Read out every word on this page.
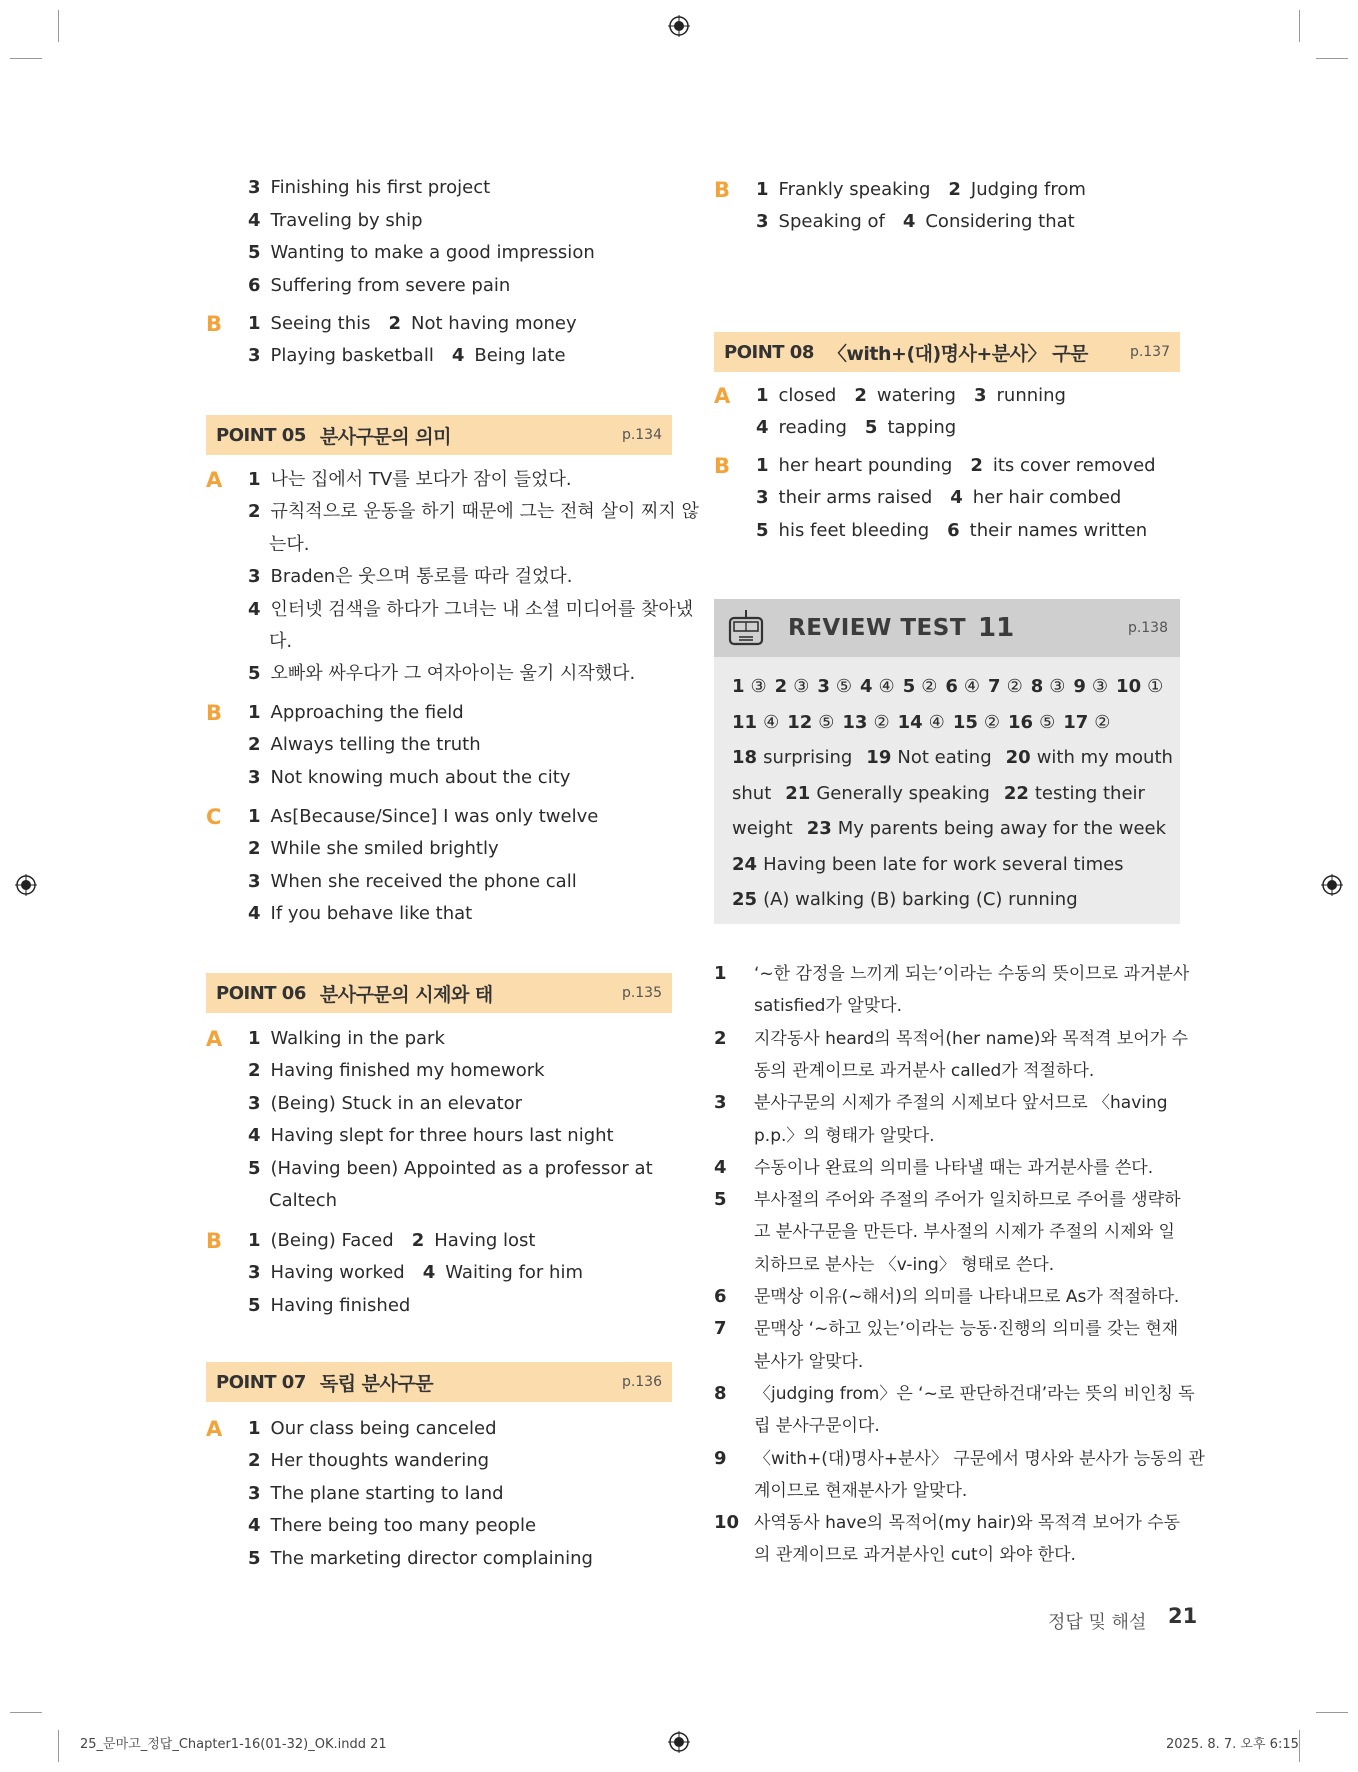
3 Finishing his first project
4 Traveling by ship
5 Wanting to make a good impression
6 Suffering from severe pain
B 1 Seeing this 2 Not having money
3 Playing basketball 4 Being late
POINT 05 분사구문의 의미	p.134
A 1 나는 집에서 TV를 보다가 잠이 들었다.
2 규칙적으로 운동을 하기 때문에 그는 전혀 살이 찌지 않
는다.
3 Braden은 웃으며 통로를 따라 걸었다.
4 인터넷 검색을 하다가 그녀는 내 소셜 미디어를 찾아냈
다.
5 오빠와 싸우다가 그 여자아이는 울기 시작했다.
B 1 Approaching the field
2 Always telling the truth
3 Not knowing much about the city
C 1 As[Because/Since] I was only twelve
2 While she smiled brightly
3 When she received the phone call
4 If you behave like that
POINT 06 분사구문의 시제와 태	p.135
A 1 Walking in the park
2 Having finished my homework
3 (Being) Stuck in an elevator
4 Having slept for three hours last night
5 (Having been) Appointed as a professor at
Caltech
B 1 (Being) Faced 2 Having lost
3 Having worked 4 Waiting for him
5 Having finished
POINT 07 독립 분사구문	p.136
A 1 Our class being canceled
2 Her thoughts wandering
3 The plane starting to land
4 There being too many people
5 The marketing director complaining
B 1 Frankly speaking 2 Judging from
3 Speaking of 4 Considering that
POINT 08 〈with+(대)명사+분사〉 구문	p.137
A 1 closed 2 watering 3 running
4 reading 5 tapping
B 1 her heart pounding 2 its cover removed
3 their arms raised 4 her hair combed
5 his feet bleeding 6 their names written
REVIEW TEST 11	p.138
1 ③ 2 ③ 3 ⑤ 4 ④ 5 ② 6 ④ 7 ② 8 ③ 9 ③ 10 ①
11 ④ 12 ⑤ 13 ② 14 ④ 15 ② 16 ⑤ 17 ②
18 surprising 19 Not eating 20 with my mouth
shut 21 Generally speaking 22 testing their
weight 23 My parents being away for the week
24 Having been late for work several times
25 (A) walking (B) barking (C) running
1 ‘~한 감정을 느끼게 되는’이라는 수동의 뜻이므로 과거분사
satisfied가 알맞다.
2 지각동사 heard의 목적어(her name)와 목적격 보어가 수
동의 관계이므로 과거분사 called가 적절하다.
3 분사구문의 시제가 주절의 시제보다 앞서므로 〈having
p.p.〉의 형태가 알맞다.
4 수동이나 완료의 의미를 나타낼 때는 과거분사를 쓴다.
5 부사절의 주어와 주절의 주어가 일치하므로 주어를 생략하
고 분사구문을 만든다. 부사절의 시제가 주절의 시제와 일
치하므로 분사는 〈v-ing〉 형태로 쓴다.
6 문맥상 이유(~해서)의 의미를 나타내므로 As가 적절하다.
7 문맥상 ‘~하고 있는’이라는 능동·진행의 의미를 갖는 현재
분사가 알맞다.
8 〈judging from〉은 ‘~로 판단하건대’라는 뜻의 비인칭 독
립 분사구문이다.
9 〈with+(대)명사+분사〉 구문에서 명사와 분사가 능동의 관
계이므로 현재분사가 알맞다.
10 사역동사 have의 목적어(my hair)와 목적격 보어가 수동
의 관계이므로 과거분사인 cut이 와야 한다.
정답 및 해설 21
25_문마고_정답_Chapter1-16(01-32)_OK.indd 21	2025. 8. 7. 오후 6:15
